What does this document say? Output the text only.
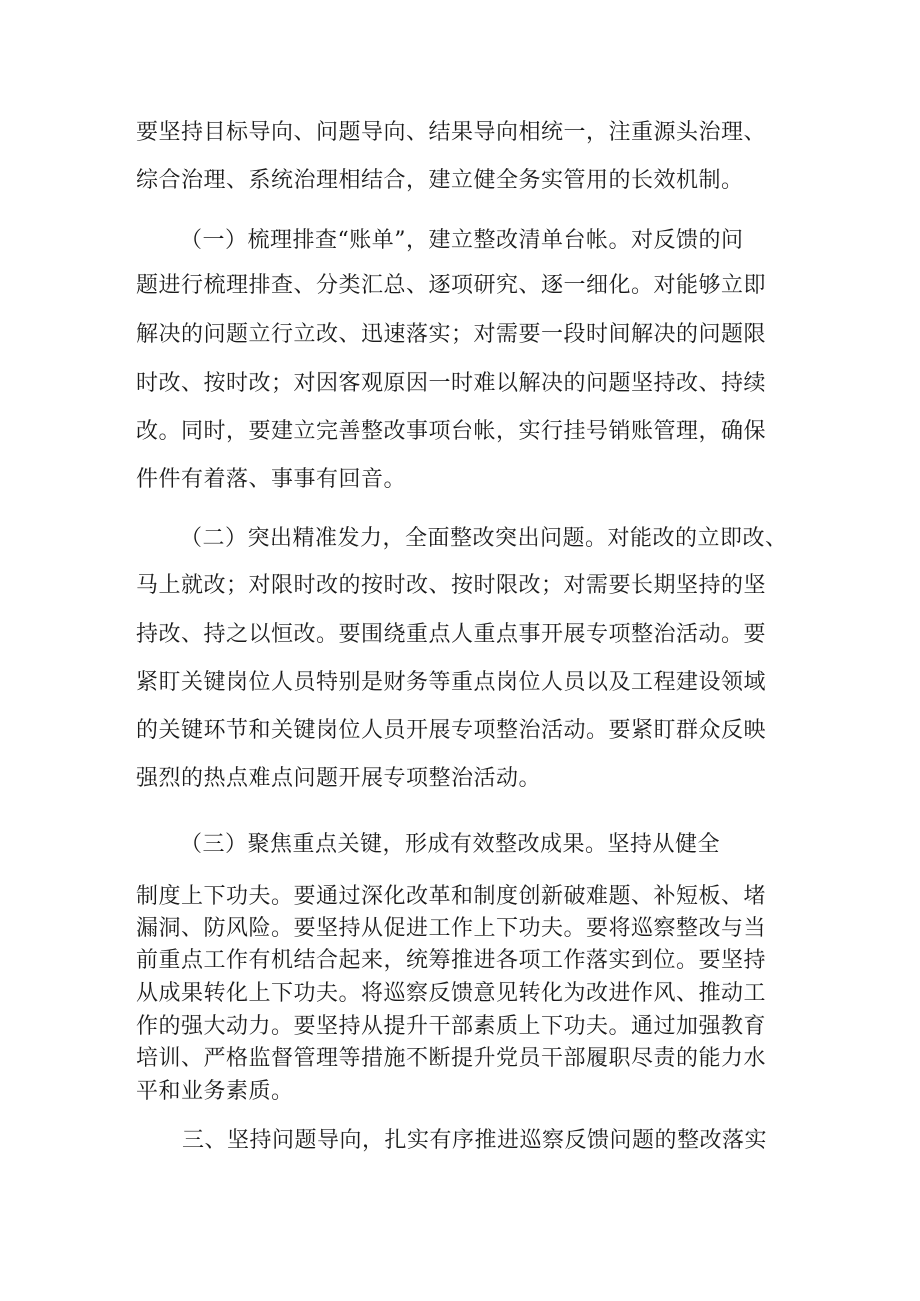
要坚持目标导向、问题导向、结果导向相统一，注重源头治理、
综合治理、系统治理相结合，建立健全务实管用的长效机制。
（一）梳理排查“账单”，建立整改清单台帐。对反馈的问
题进行梳理排查、分类汇总、逐项研究、逐一细化。对能够立即
解决的问题立行立改、迅速落实；对需要一段时间解决的问题限
时改、按时改；对因客观原因一时难以解决的问题坚持改、持续
改。同时，要建立完善整改事项台帐，实行挂号销账管理，确保
件件有着落、事事有回音。
（二）突出精准发力，全面整改突出问题。对能改的立即改、
马上就改；对限时改的按时改、按时限改；对需要长期坚持的坚
持改、持之以恒改。要围绕重点人重点事开展专项整治活动。要
紧盯关键岗位人员特别是财务等重点岗位人员以及工程建设领域
的关键环节和关键岗位人员开展专项整治活动。要紧盯群众反映
强烈的热点难点问题开展专项整治活动。
（三）聚焦重点关键，形成有效整改成果。坚持从健全
制度上下功夫。要通过深化改革和制度创新破难题、补短板、堵
漏洞、防风险。要坚持从促进工作上下功夫。要将巡察整改与当
前重点工作有机结合起来，统筹推进各项工作落实到位。要坚持
从成果转化上下功夫。将巡察反馈意见转化为改进作风、推动工
作的强大动力。要坚持从提升干部素质上下功夫。通过加强教育
培训、严格监督管理等措施不断提升党员干部履职尽责的能力水
平和业务素质。
三、坚持问题导向，扎实有序推进巡察反馈问题的整改落实
